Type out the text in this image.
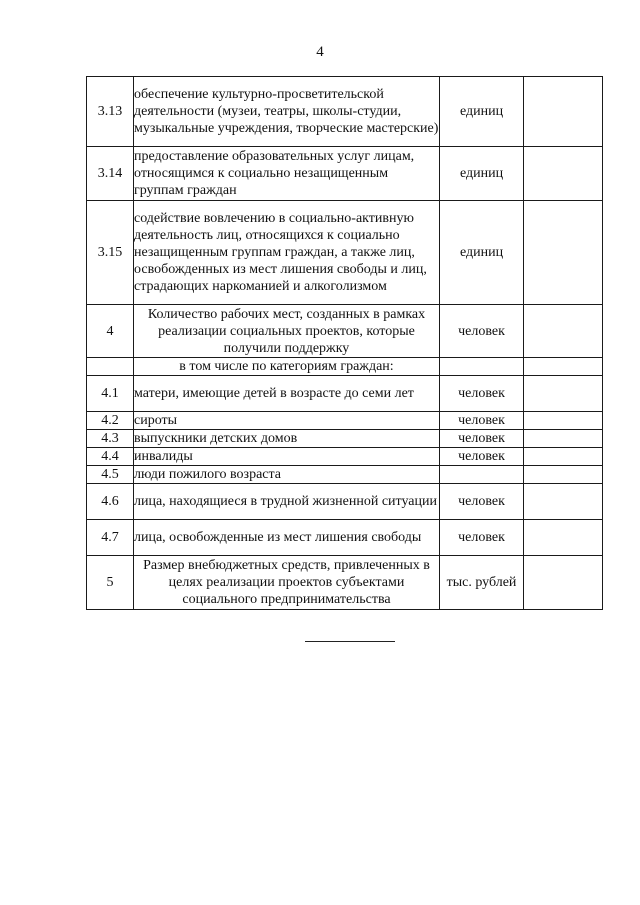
4
3.13	обеспечение культурно-просветительской деятельности (музеи, театры, школы-студии, музыкальные учреждения, творческие мастерские)	единиц	
3.14	предоставление образовательных услуг лицам, относящимся к социально незащищенным группам граждан	единиц	
3.15	содействие вовлечению в социально-активную деятельность лиц, относящихся к социально незащищенным группам граждан, а также лиц, освобожденных из мест лишения свободы и лиц, страдающих наркоманией и алкоголизмом	единиц	
4	Количество рабочих мест, созданных в рамках реализации социальных проектов, которые получили поддержку	человек	
	в том числе по категориям граждан:		
4.1	матери, имеющие детей в возрасте до семи лет	человек	
4.2	сироты	человек	
4.3	выпускники детских домов	человек	
4.4	инвалиды	человек	
4.5	люди пожилого возраста		
4.6	лица, находящиеся в трудной жизненной ситуации	человек	
4.7	лица, освобожденные из мест лишения свободы	человек	
5	Размер внебюджетных средств, привлеченных в целях реализации проектов субъектами социального предпринимательства	тыс. рублей	
